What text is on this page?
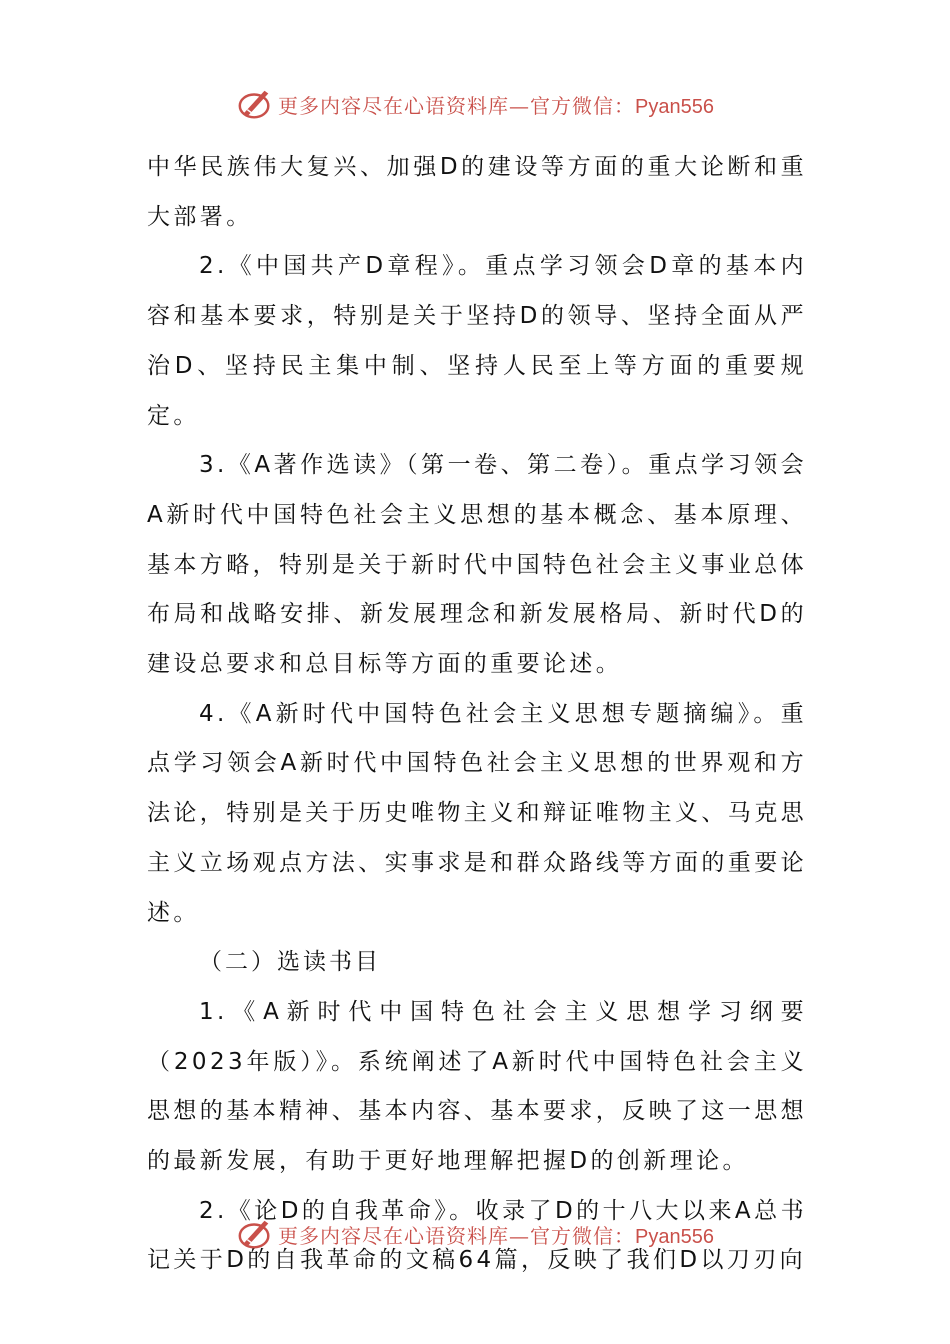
更多内容尽在心语资料库—官方微信：Pyan556

中华民族伟大复兴、加强D的建设等方面的重大论断和重大部署。

2.《中国共产D章程》。重点学习领会D章的基本内容和基本要求，特别是关于坚持D的领导、坚持全面从严治D、坚持民主集中制、坚持人民至上等方面的重要规定。

3.《A著作选读》（第一卷、第二卷）。重点学习领会A新时代中国特色社会主义思想的基本概念、基本原理、基本方略，特别是关于新时代中国特色社会主义事业总体布局和战略安排、新发展理念和新发展格局、新时代D的建设总要求和总目标等方面的重要论述。

4.《A新时代中国特色社会主义思想专题摘编》。重点学习领会A新时代中国特色社会主义思想的世界观和方法论，特别是关于历史唯物主义和辩证唯物主义、马克思主义立场观点方法、实事求是和群众路线等方面的重要论述。

（二）选读书目

1.《A新时代中国特色社会主义思想学习纲要（2023年版）》。系统阐述了A新时代中国特色社会主义思想的基本精神、基本内容、基本要求，反映了这一思想的最新发展，有助于更好地理解把握D的创新理论。

2.《论D的自我革命》。收录了D的十八大以来A总书记关于D的自我革命的文稿64篇，反映了我们D以刀刃向

更多内容尽在心语资料库—官方微信：Pyan556
